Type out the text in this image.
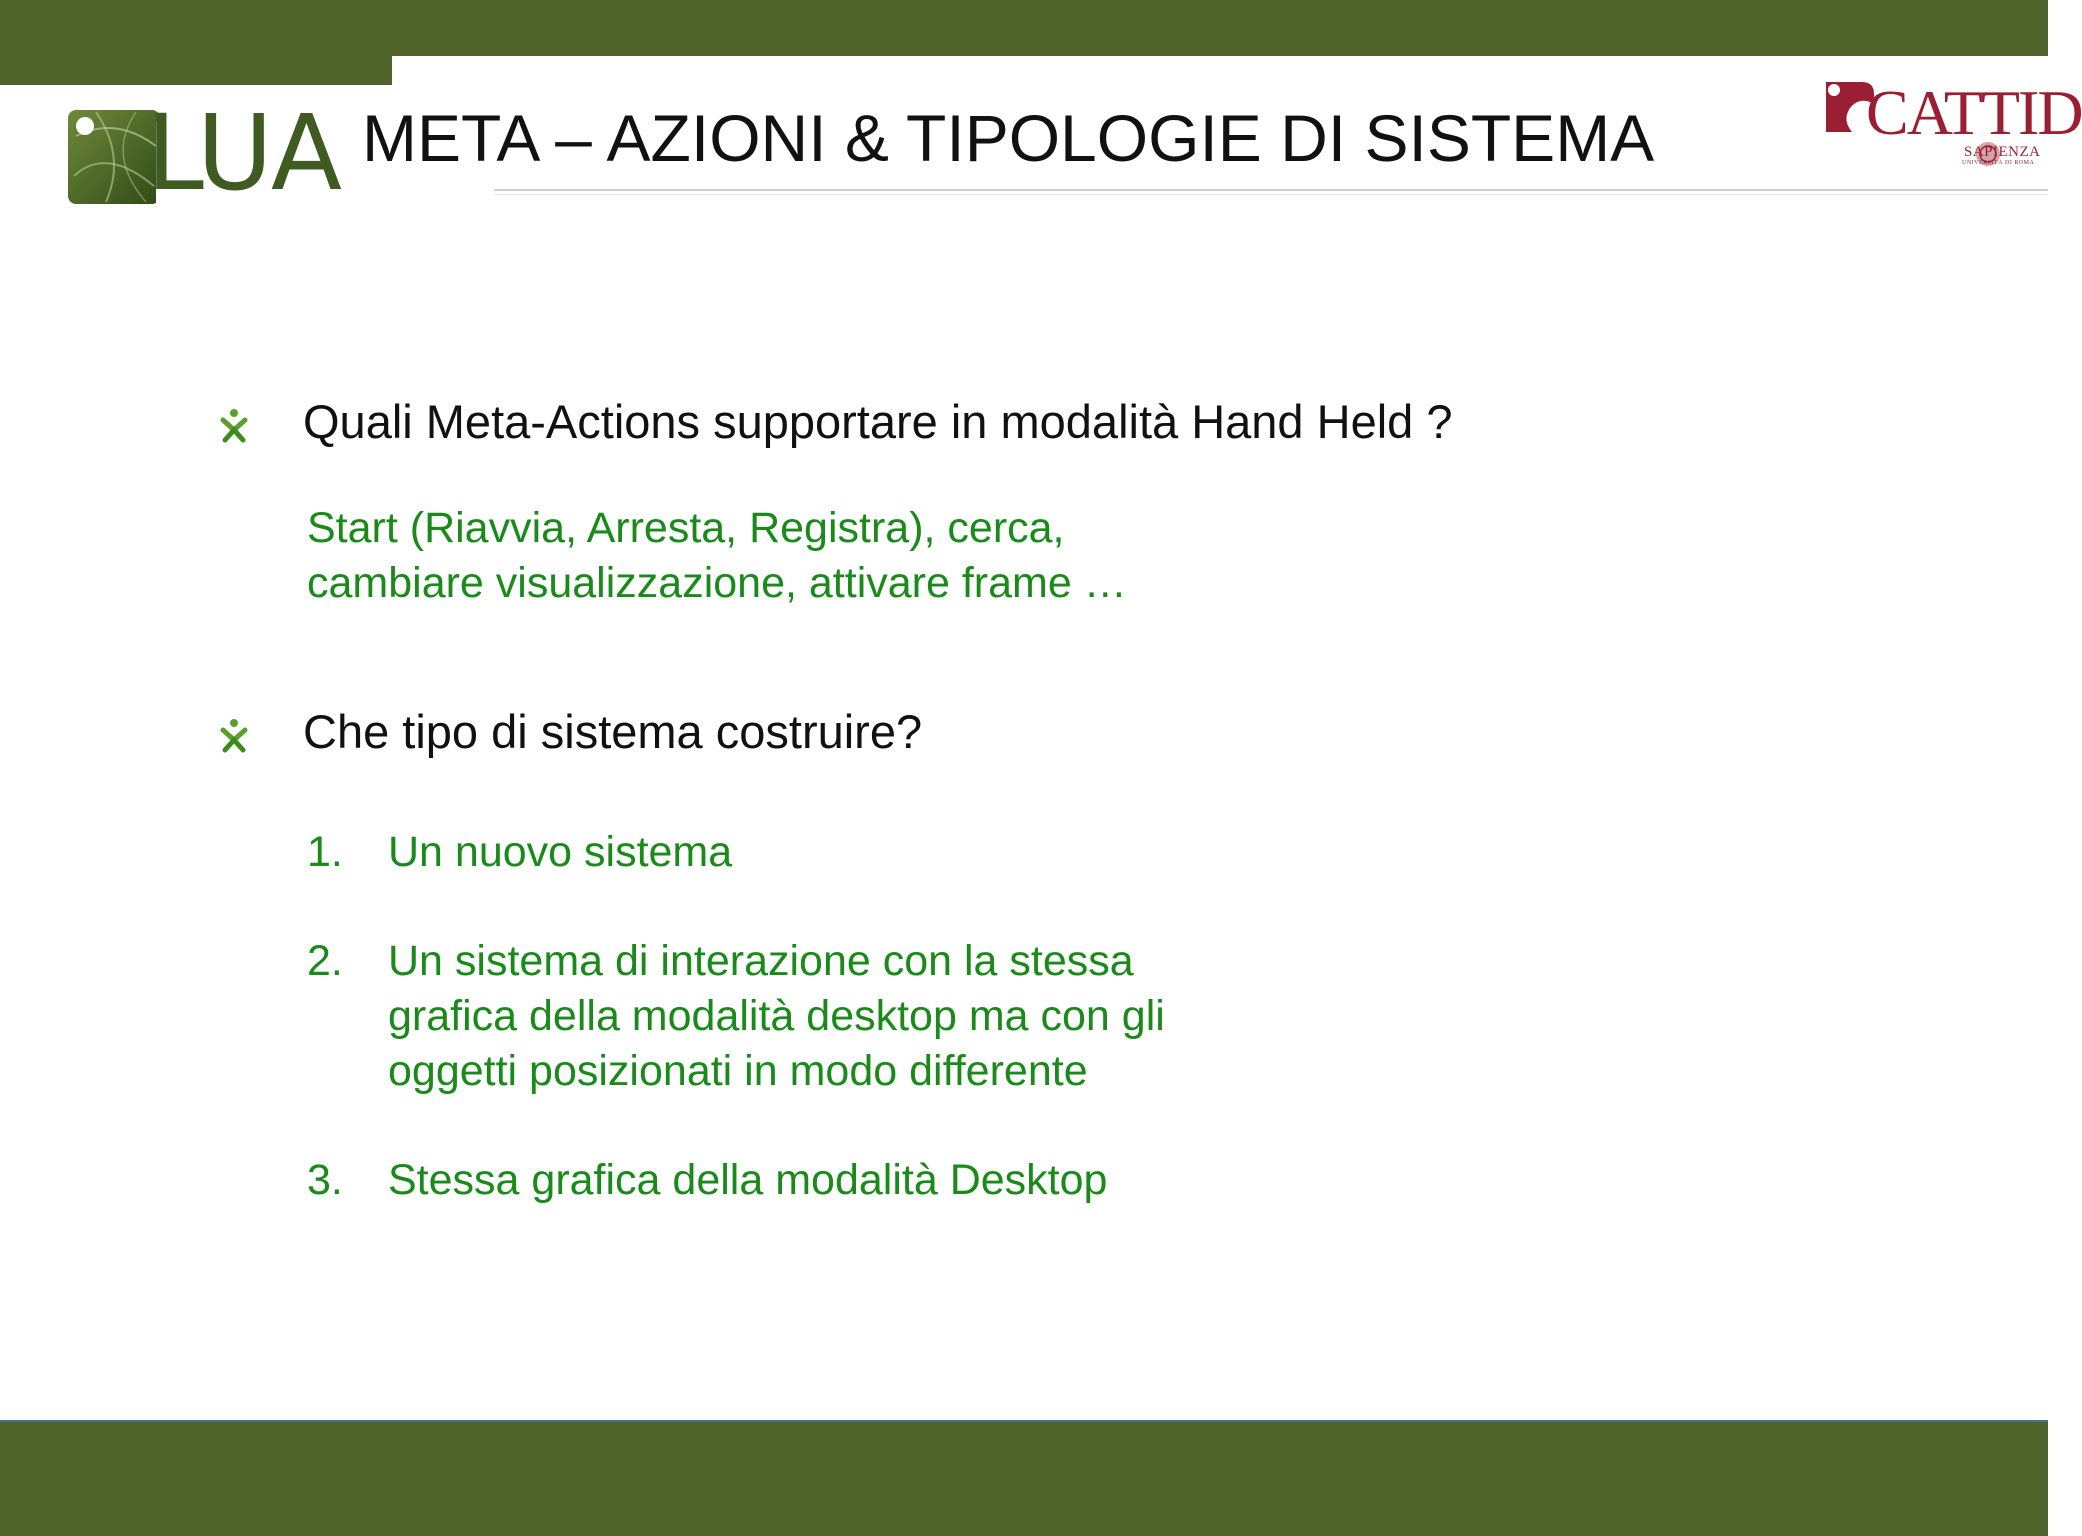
LUA META – AZIONI & TIPOLOGIE DI SISTEMA	CATTID
SAPIENZA
UNIVERSITÀ DI ROMA

Quali Meta-Actions supportare in modalità Hand Held ?

Start (Riavvia, Arresta, Registra), cerca,

cambiare visualizzazione, attivare frame …

Che tipo di sistema costruire?

1. Un nuovo sistema
2. Un sistema di interazione con la stessa
grafica della modalità desktop ma con gli
oggetti posizionati in modo differente
3. Stessa grafica della modalità Desktop
